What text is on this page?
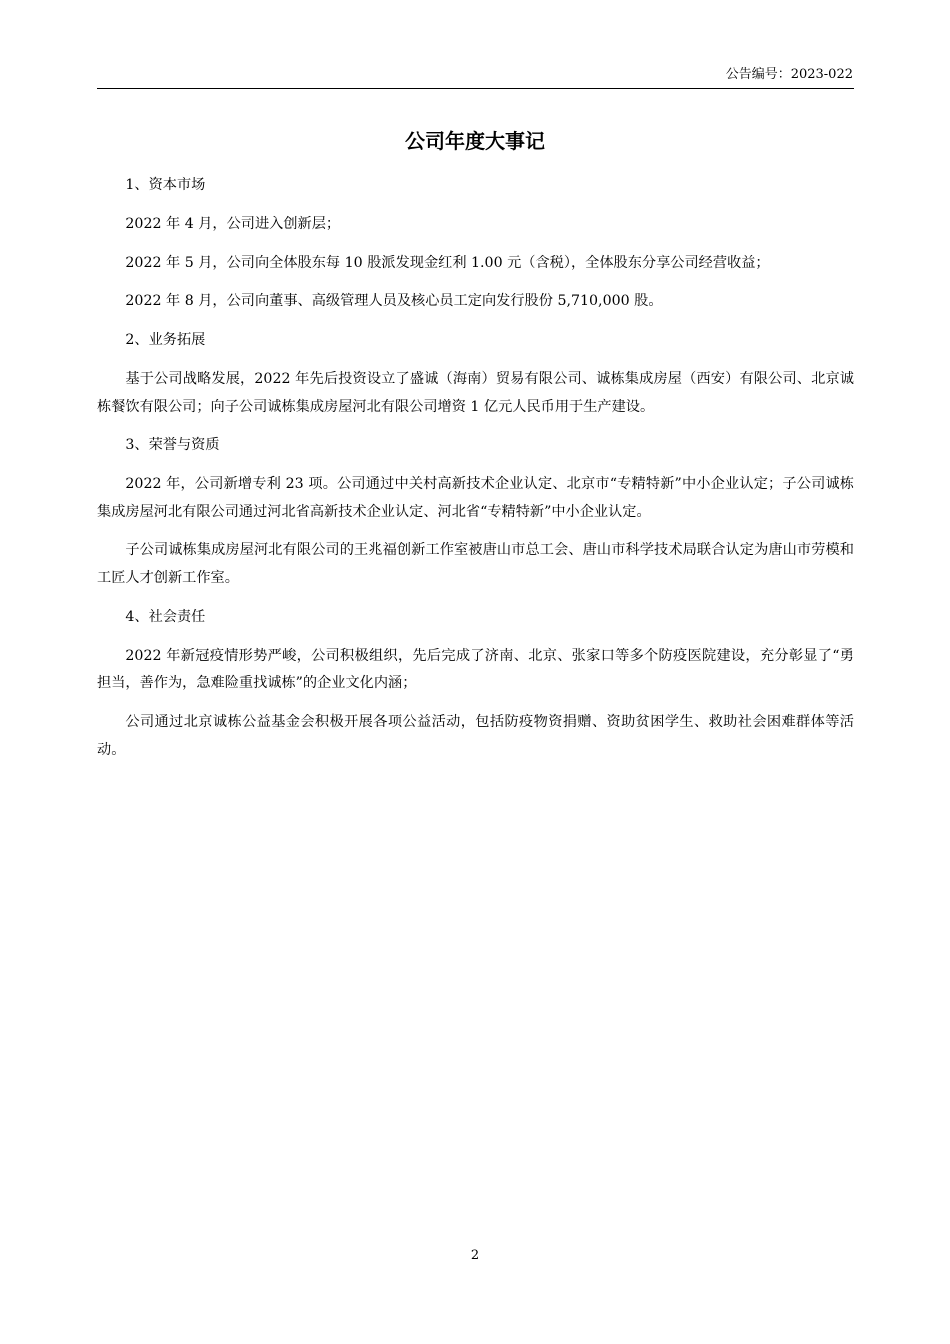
公告编号：2023-022
公司年度大事记

1、资本市场

2022 年 4 月，公司进入创新层；

2022 年 5 月，公司向全体股东每 10 股派发现金红利 1.00 元（含税），全体股东分享公司经营收益；

2022 年 8 月，公司向董事、高级管理人员及核心员工定向发行股份 5,710,000 股。

2、业务拓展

基于公司战略发展，2022 年先后投资设立了盛诚（海南）贸易有限公司、诚栋集成房屋（西安）有限公司、北京诚栋餐饮有限公司；向子公司诚栋集成房屋河北有限公司增资 1 亿元人民币用于生产建设。

3、荣誉与资质

2022 年，公司新增专利 23 项。公司通过中关村高新技术企业认定、北京市“专精特新”中小企业认定；子公司诚栋集成房屋河北有限公司通过河北省高新技术企业认定、河北省“专精特新”中小企业认定。

子公司诚栋集成房屋河北有限公司的王兆福创新工作室被唐山市总工会、唐山市科学技术局联合认定为唐山市劳模和工匠人才创新工作室。

4、社会责任

2022 年新冠疫情形势严峻，公司积极组织，先后完成了济南、北京、张家口等多个防疫医院建设，充分彰显了“勇担当，善作为，急难险重找诚栋”的企业文化内涵；

公司通过北京诚栋公益基金会积极开展各项公益活动，包括防疫物资捐赠、资助贫困学生、救助社会困难群体等活动。

2
